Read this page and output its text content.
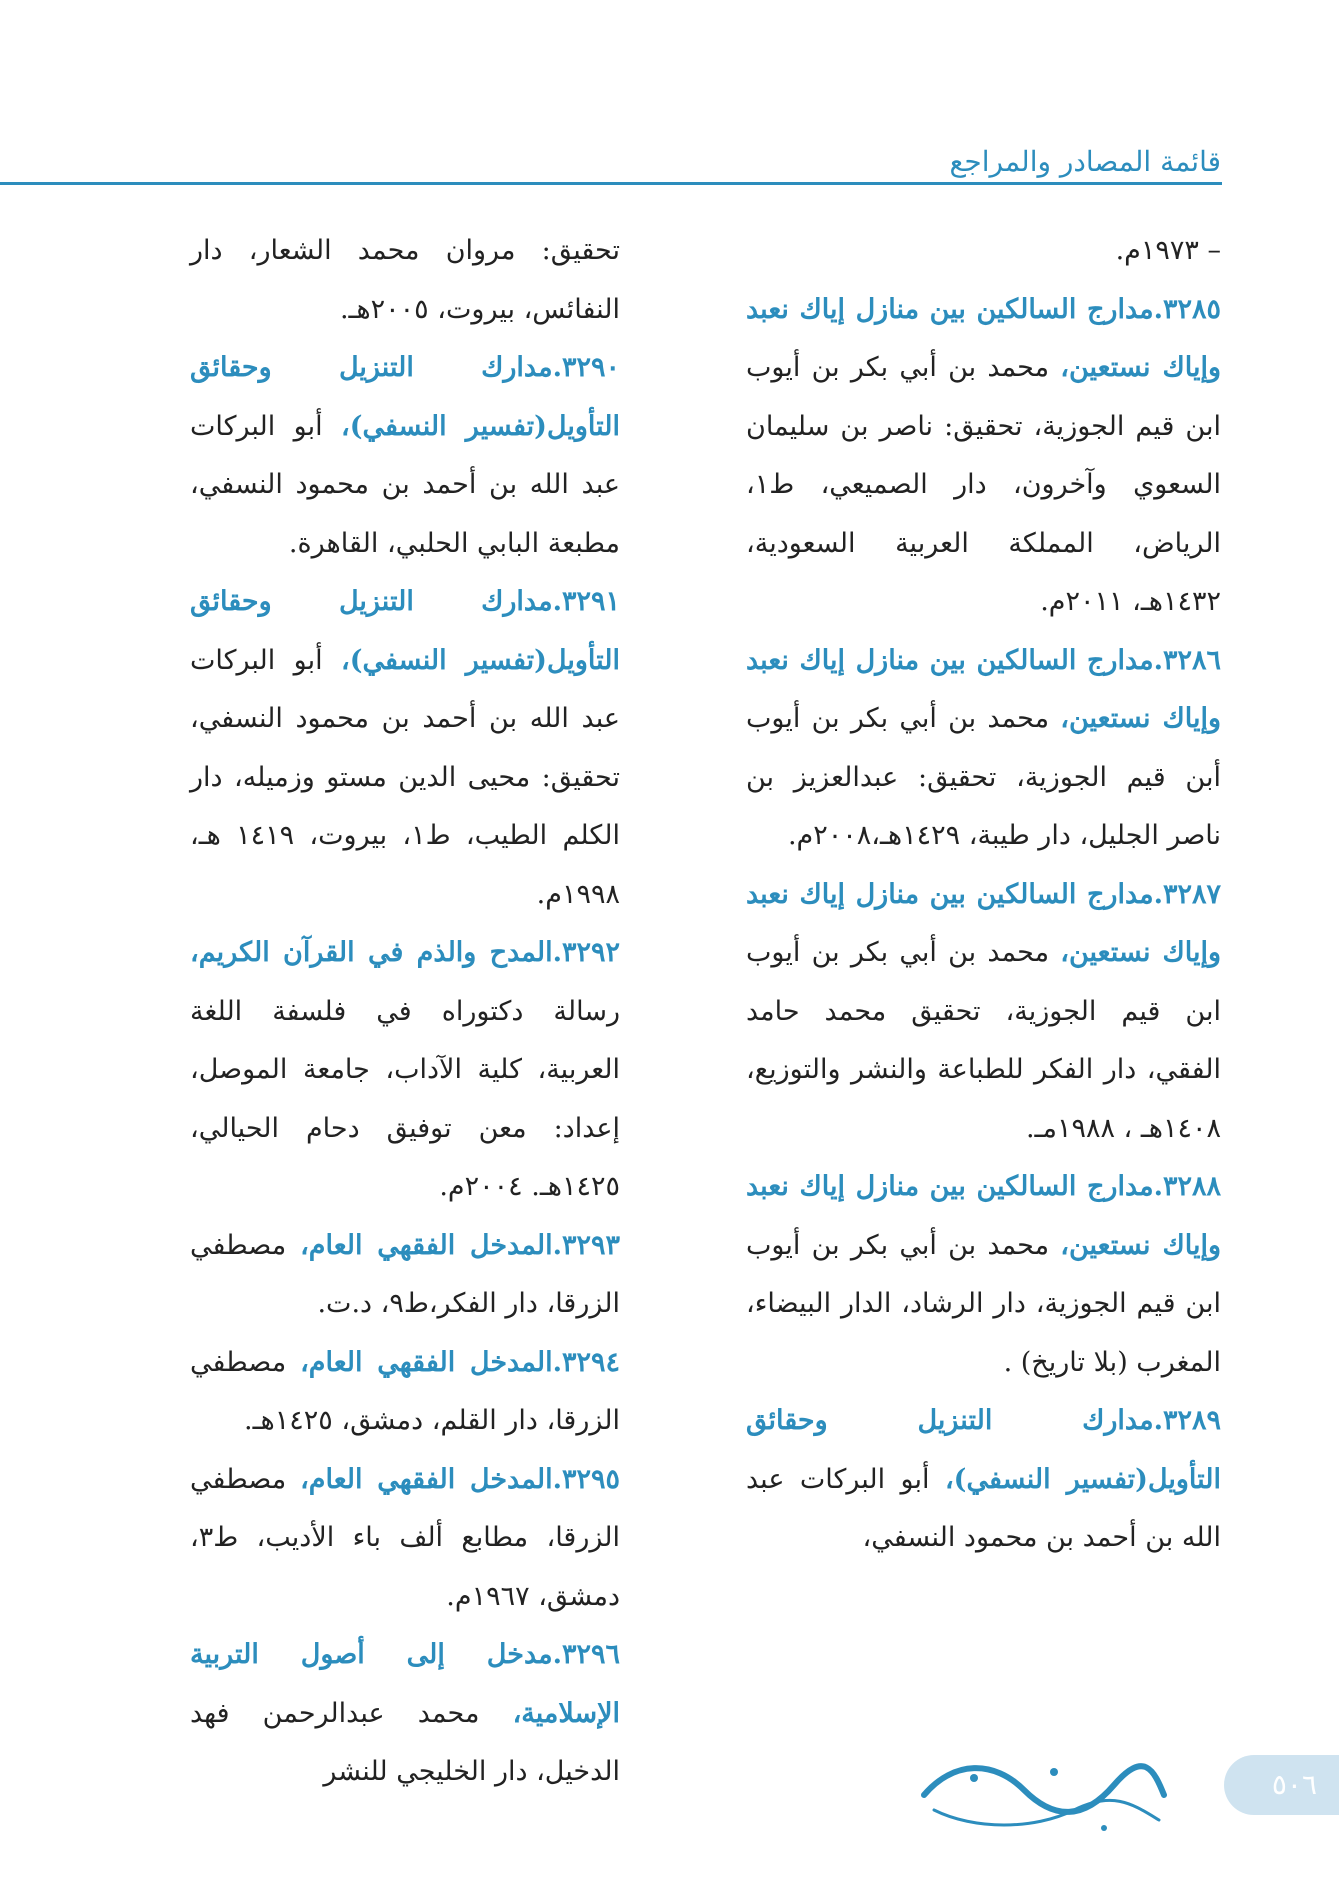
قائمة المصادر والمراجع

– ١٩٧٣م.

٣٢٨٥.مدارج السالكين بين منازل إياك نعبد وإياك نستعين، محمد بن أبي بكر بن أيوب ابن قيم الجوزية، تحقيق: ناصر بن سليمان السعوي وآخرون، دار الصميعي، ط١، الرياض، المملكة العربية السعودية، ١٤٣٢هـ، ٢٠١١م.

٣٢٨٦.مدارج السالكين بين منازل إياك نعبد وإياك نستعين، محمد بن أبي بكر بن أيوب أبن قيم الجوزية، تحقيق: عبدالعزيز بن ناصر الجليل، دار طيبة، ١٤٢٩هـ،٢٠٠٨م.

٣٢٨٧.مدارج السالكين بين منازل إياك نعبد وإياك نستعين، محمد بن أبي بكر بن أيوب ابن قيم الجوزية، تحقيق محمد حامد الفقي، دار الفكر للطباعة والنشر والتوزيع، ١٤٠٨هـ ، ١٩٨٨مـ.

٣٢٨٨.مدارج السالكين بين منازل إياك نعبد وإياك نستعين، محمد بن أبي بكر بن أيوب ابن قيم الجوزية، دار الرشاد، الدار البيضاء، المغرب (بلا تاريخ) .

٣٢٨٩.مدارك التنزيل وحقائق التأويل(تفسير النسفي)، أبو البركات عبد الله بن أحمد بن محمود النسفي،

تحقيق: مروان محمد الشعار، دار النفائس، بيروت، ٢٠٠٥هـ.

٣٢٩٠.مدارك التنزيل وحقائق التأويل(تفسير النسفي)، أبو البركات عبد الله بن أحمد بن محمود النسفي، مطبعة البابي الحلبي، القاهرة.

٣٢٩١.مدارك التنزيل وحقائق التأويل(تفسير النسفي)، أبو البركات عبد الله بن أحمد بن محمود النسفي، تحقيق: محيى الدين مستو وزميله، دار الكلم الطيب، ط١، بيروت، ١٤١٩ هـ، ١٩٩٨م.

٣٢٩٢.المدح والذم في القرآن الكريم، رسالة دكتوراه في فلسفة اللغة العربية، كلية الآداب، جامعة الموصل، إعداد: معن توفيق دحام الحيالي، ١٤٢٥هـ. ٢٠٠٤م.

٣٢٩٣.المدخل الفقهي العام، مصطفي الزرقا، دار الفكر،ط٩، د.ت.

٣٢٩٤.المدخل الفقهي العام، مصطفي الزرقا، دار القلم، دمشق، ١٤٢٥هـ.

٣٢٩٥.المدخل الفقهي العام، مصطفي الزرقا، مطابع ألف باء الأديب، ط٣، دمشق، ١٩٦٧م.

٣٢٩٦.مدخل إلى أصول التربية الإسلامية، محمد عبدالرحمن فهد الدخيل، دار الخليجي للنشر	٥٠٦
